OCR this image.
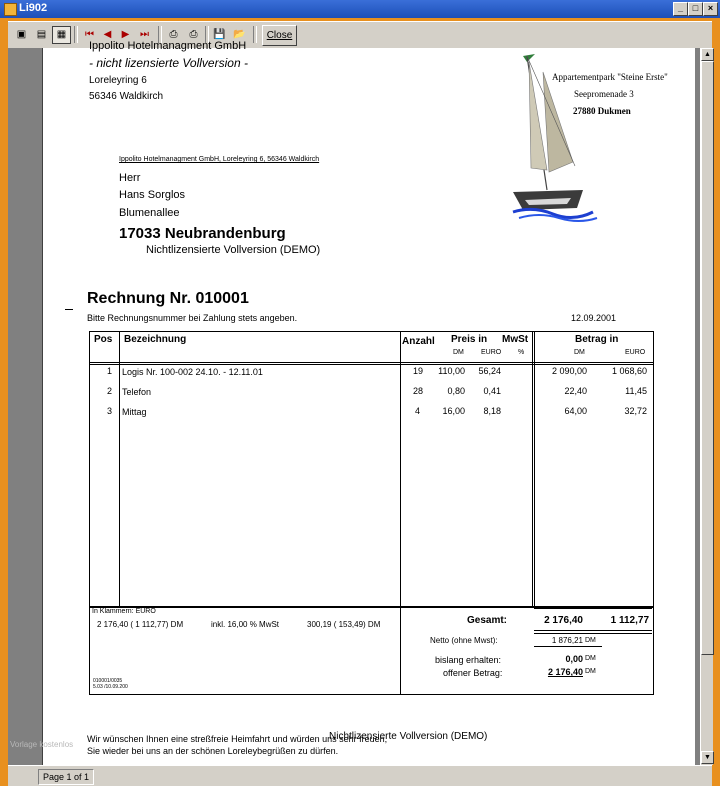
Li902	_	□	×
▣	▤	▦	⏮ ◀	▶	⏭	⎙	⎙	💾 📂	Close
Ippolito Hotelmanagment GmbH
- nicht lizensierte Vollversion -
Loreleyring 6
56346 Waldkirch
Appartementpark "Steine Erste"
Seepromenade 3
27880 Dukmen
Ippolito Hotelmanagment GmbH, Loreleyring 6, 56346 Waldkirch
Herr
Hans Sorglos
Blumenallee
17033 Neubrandenburg
Nichtlizensierte Vollversion (DEMO)
Rechnung Nr. 010001
Bitte Rechnungsnummer bei Zahlung stets angeben.	12.09.2001
Pos Bezeichnung	Anzahl Preis in MwSt
DM EURO %
Betrag in
DM	EURO
1 Logis Nr. 100-002 24.10. - 12.11.01	19	110,00	56,24	2 090,00	1 068,60
2 Telefon	28	0,80	0,41	22,40	11,45
3 Mittag	4	16,00	8,18	64,00	32,72
In Klammern: EURO
2 176,40 ( 1 112,77) DM	inkl. 16,00 % MwSt	300,19 ( 153,49) DM
010001/0035
5.03 /10.09.200
Gesamt:	2 176,40	1 112,77
Netto (ohne Mwst):	1 876,21 DM
bislang erhalten:	0,00 DM
offener Betrag:	2 176,40 DM
Wir wünschen Ihnen eine streßfreie Heimfahrt und würden uns sehr freuen,
Sie wieder bei uns an der schönen Loreleybegrüßen zu dürfen.
Nichtlizensierte Vollversion (DEMO)
Vorlage kostenlos
▲
▼
Page 1 of 1
